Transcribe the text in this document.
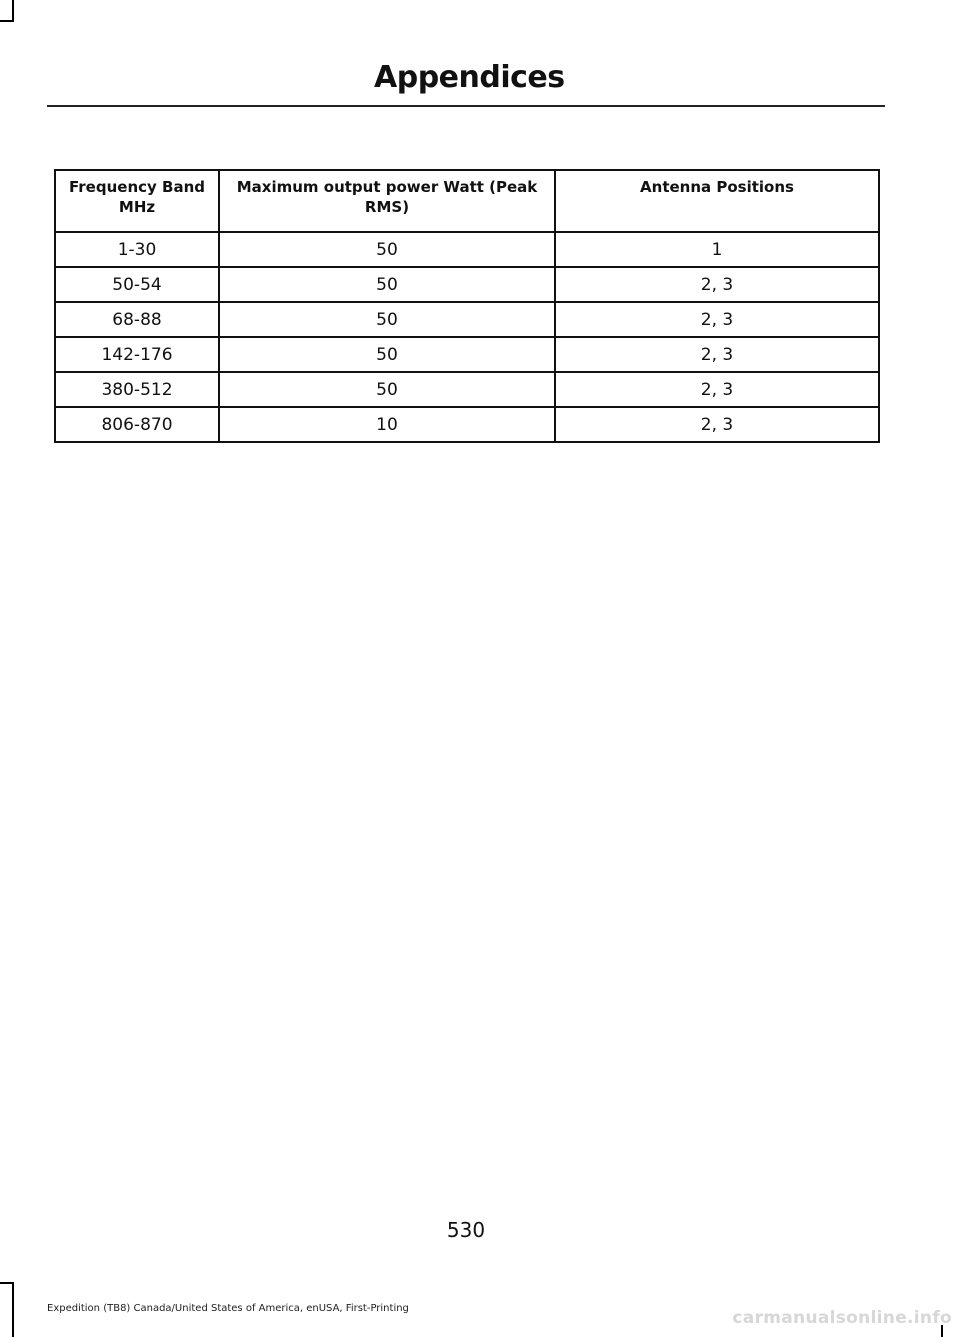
Appendices
Frequency Band MHz	Maximum output power Watt (Peak RMS)	Antenna Positions
1-30	50	1
50-54	50	2, 3
68-88	50	2, 3
142-176	50	2, 3
380-512	50	2, 3
806-870	10	2, 3
530
Expedition (TB8) Canada/United States of America, enUSA, First-Printing	carmanualsonline.info
